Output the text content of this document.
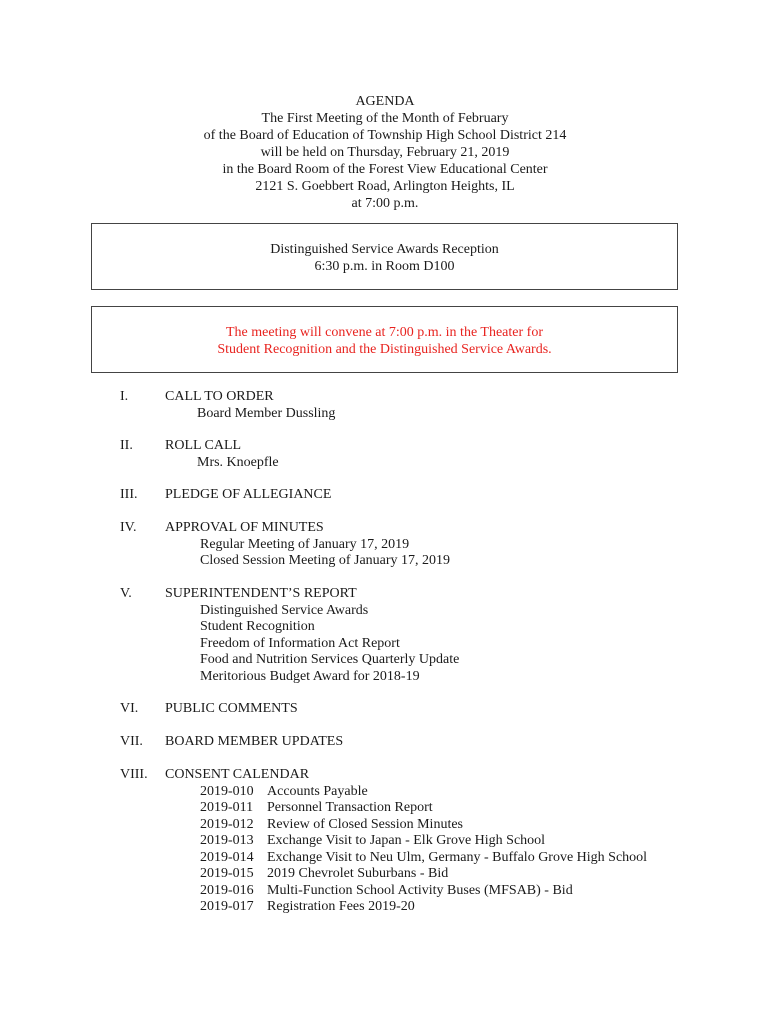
AGENDA
The First Meeting of the Month of February
of the Board of Education of Township High School District 214
will be held on Thursday, February 21, 2019
in the Board Room of the Forest View Educational Center
2121 S. Goebbert Road, Arlington Heights, IL
at 7:00 p.m.
Distinguished Service Awards Reception
6:30 p.m. in Room D100
The meeting will convene at 7:00 p.m. in the Theater for
Student Recognition and the Distinguished Service Awards.
I.	CALL TO ORDER
Board Member Dussling
II. ROLL CALL
Mrs. Knoepfle
III. PLEDGE OF ALLEGIANCE
IV. APPROVAL OF MINUTES
Regular Meeting of January 17, 2019
Closed Session Meeting of January 17, 2019
V. SUPERINTENDENT’S REPORT
Distinguished Service Awards
Student Recognition
Freedom of Information Act Report
Food and Nutrition Services Quarterly Update
Meritorious Budget Award for 2018-19
VI. PUBLIC COMMENTS
VII. BOARD MEMBER UPDATES
VIII. CONSENT CALENDAR
2019-010 Accounts Payable
2019-011 Personnel Transaction Report
2019-012 Review of Closed Session Minutes
2019-013 Exchange Visit to Japan - Elk Grove High School
2019-014 Exchange Visit to Neu Ulm, Germany - Buffalo Grove High School
2019-015 2019 Chevrolet Suburbans - Bid
2019-016 Multi-Function School Activity Buses (MFSAB) - Bid
2019-017 Registration Fees 2019-20
